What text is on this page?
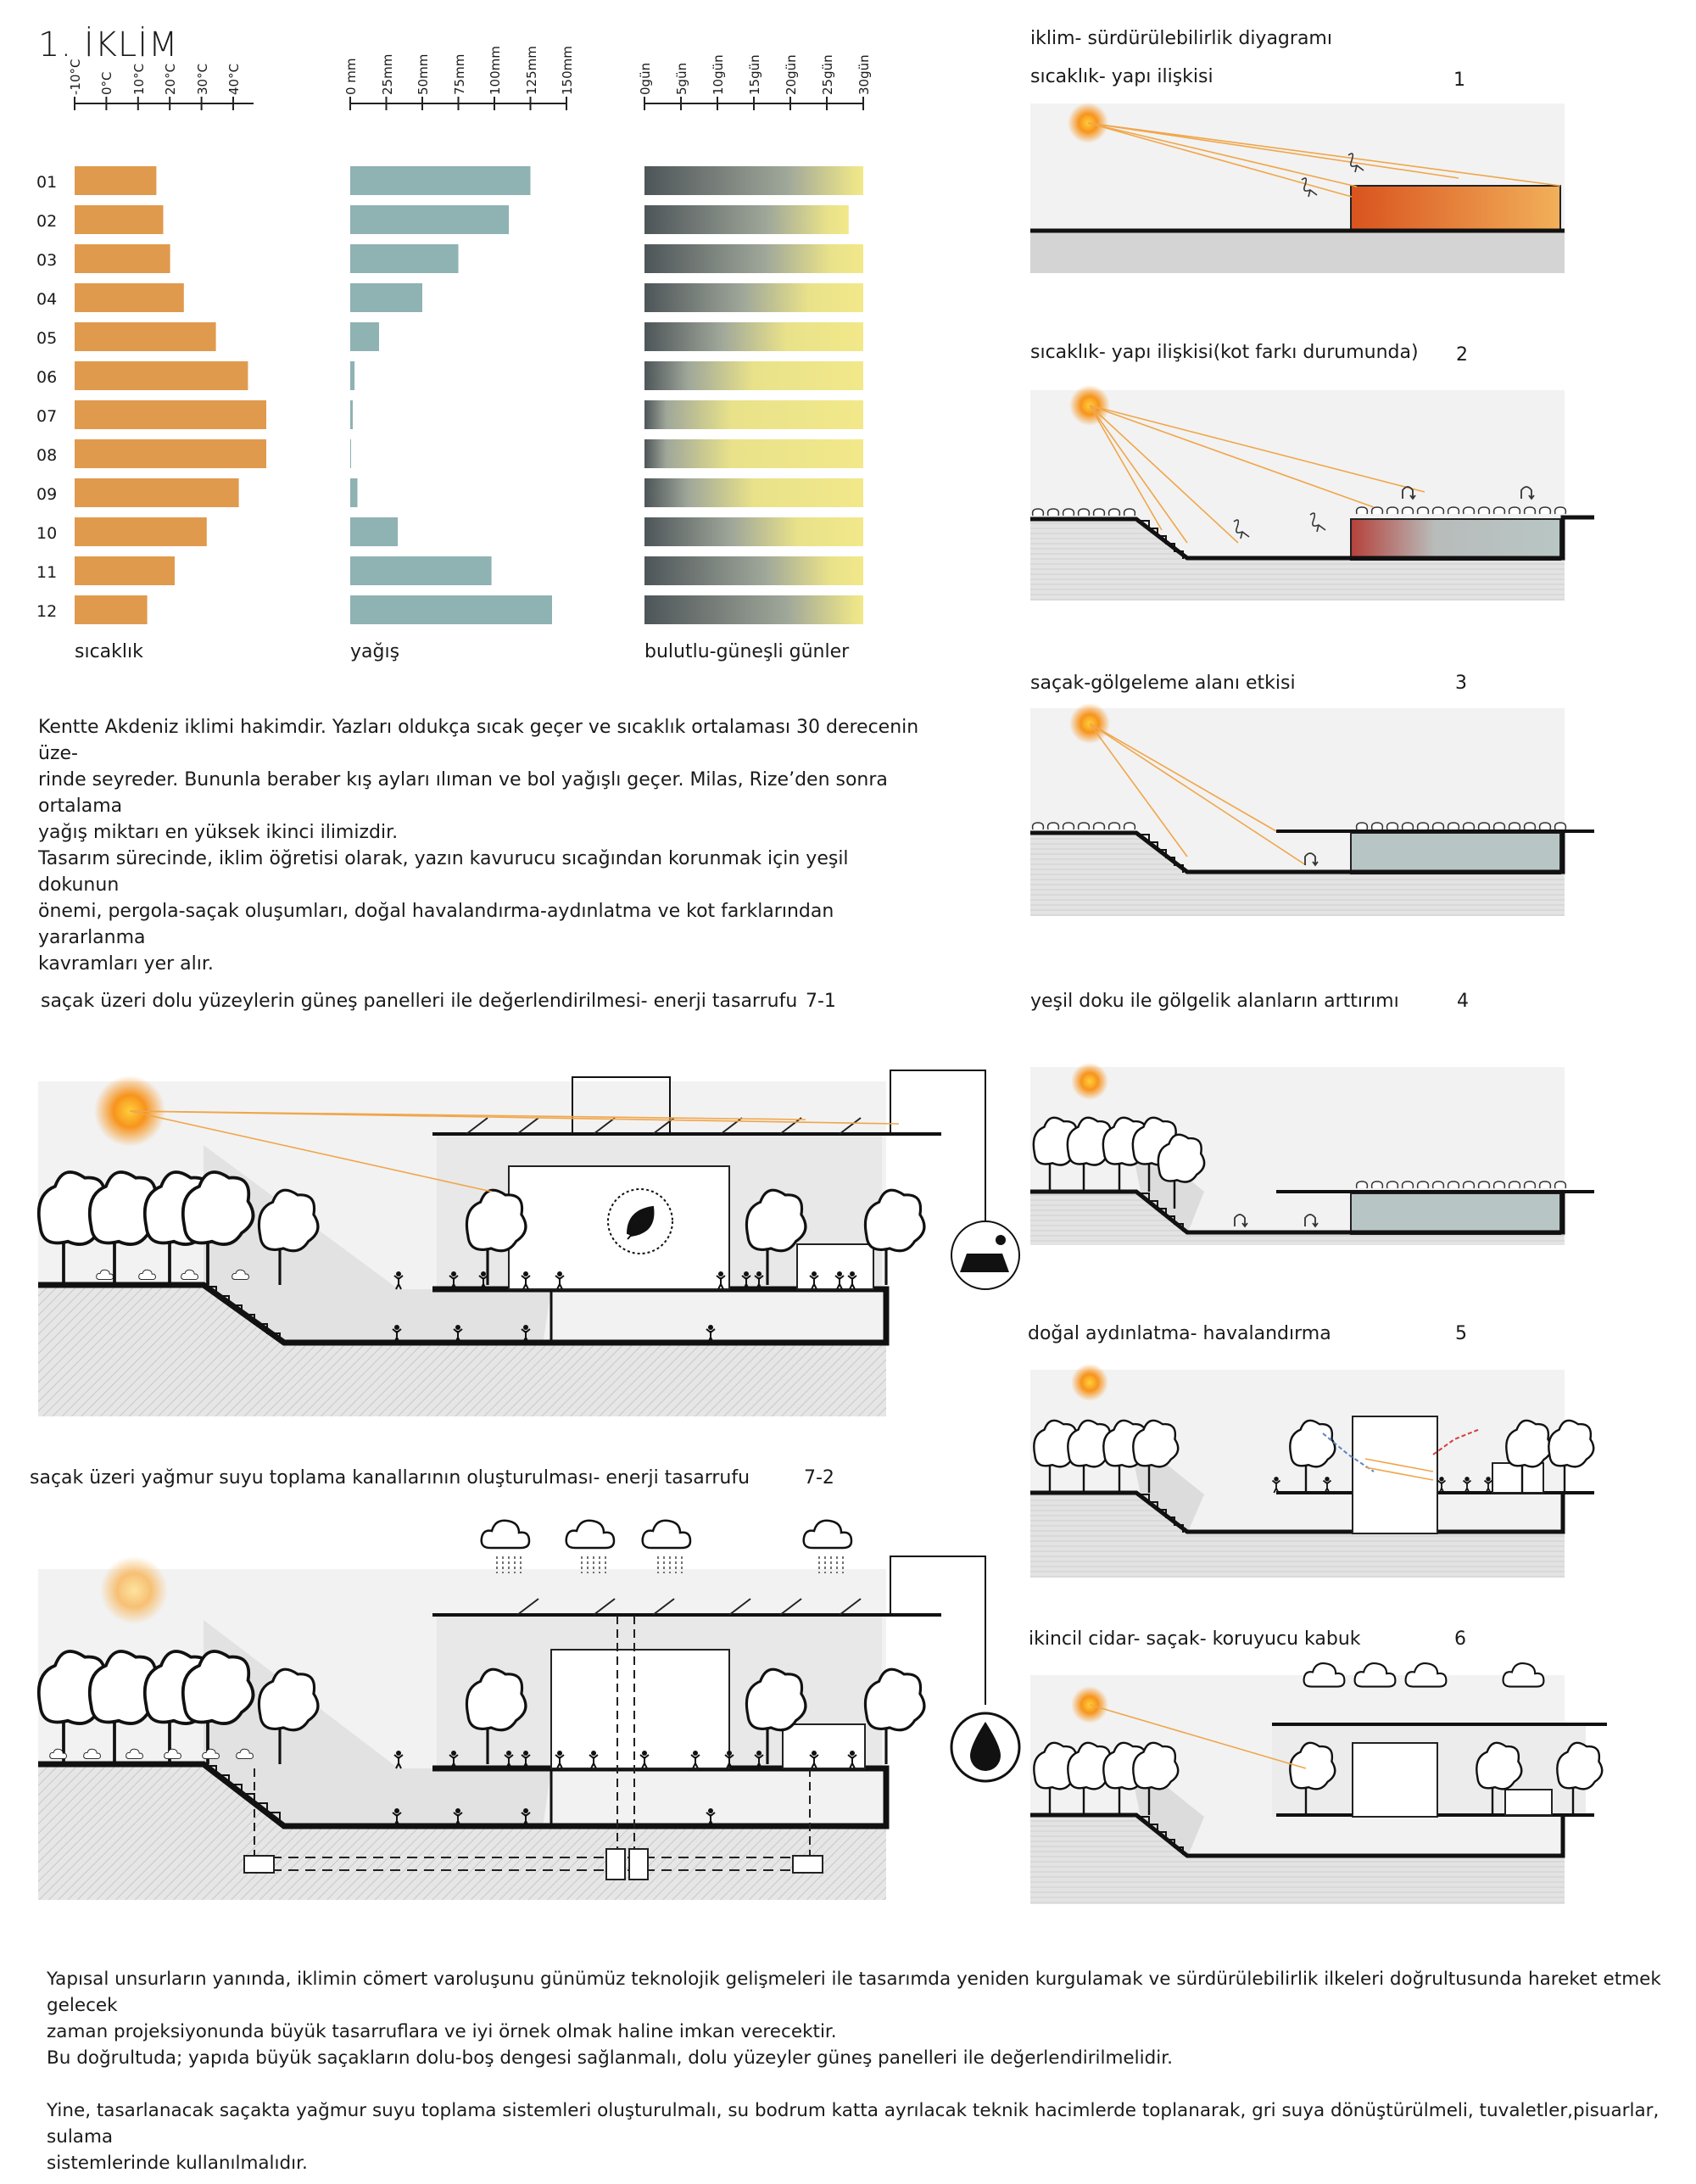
1. İKLİM	iklim- sürdürülebilirlik diyagramı
-10°C 0°C 10°C 20°C 30°C 40°C	0 mm 25mm 50mm 75mm 100mm 125mm 150mm	0gün 5gün 10gün 15gün 20gün 25gün 30gün
01
02
03
04
05
06
07
08
09
10
11
12
sıcaklık	yağış	bulutlu-güneşli günler
Kentte Akdeniz iklimi hakimdir. Yazları oldukça sıcak geçer ve sıcaklık ortalaması 30 derecenin üze-
rinde seyreder. Bununla beraber kış ayları ılıman ve bol yağışlı geçer. Milas, Rize’den sonra ortalama
yağış miktarı en yüksek ikinci ilimizdir.
Tasarım sürecinde, iklim öğretisi olarak, yazın kavurucu sıcağından korunmak için yeşil dokunun
önemi, pergola-saçak oluşumları, doğal havalandırma-aydınlatma ve kot farklarından yararlanma
kavramları yer alır.
sıcaklık- yapı ilişkisi	1
sıcaklık- yapı ilişkisi(kot farkı durumunda) 2
saçak-gölgeleme alanı etkisi	3
yeşil doku ile gölgelik alanların arttırımı	4
doğal aydınlatma- havalandırma	5
ikincil cidar- saçak- koruyucu kabuk	6
saçak üzeri dolu yüzeylerin güneş panelleri ile değerlendirilmesi- enerji tasarrufu 7-1
saçak üzeri yağmur suyu toplama kanallarının oluşturulması- enerji tasarrufu	7-2
Yapısal unsurların yanında, iklimin cömert varoluşunu günümüz teknolojik gelişmeleri ile tasarımda yeniden kurgulamak ve sürdürülebilirlik ilkeleri doğrultusunda hareket etmek gelecek
zaman projeksiyonunda büyük tasarruflara ve iyi örnek olmak haline imkan verecektir.
Bu doğrultuda; yapıda büyük saçakların dolu-boş dengesi sağlanmalı, dolu yüzeyler güneş panelleri ile değerlendirilmelidir.

Yine, tasarlanacak saçakta yağmur suyu toplama sistemleri oluşturulmalı, su bodrum katta ayrılacak teknik hacimlerde toplanarak, gri suya dönüştürülmeli, tuvaletler,pisuarlar, sulama
sistemlerinde kullanılmalıdır.
